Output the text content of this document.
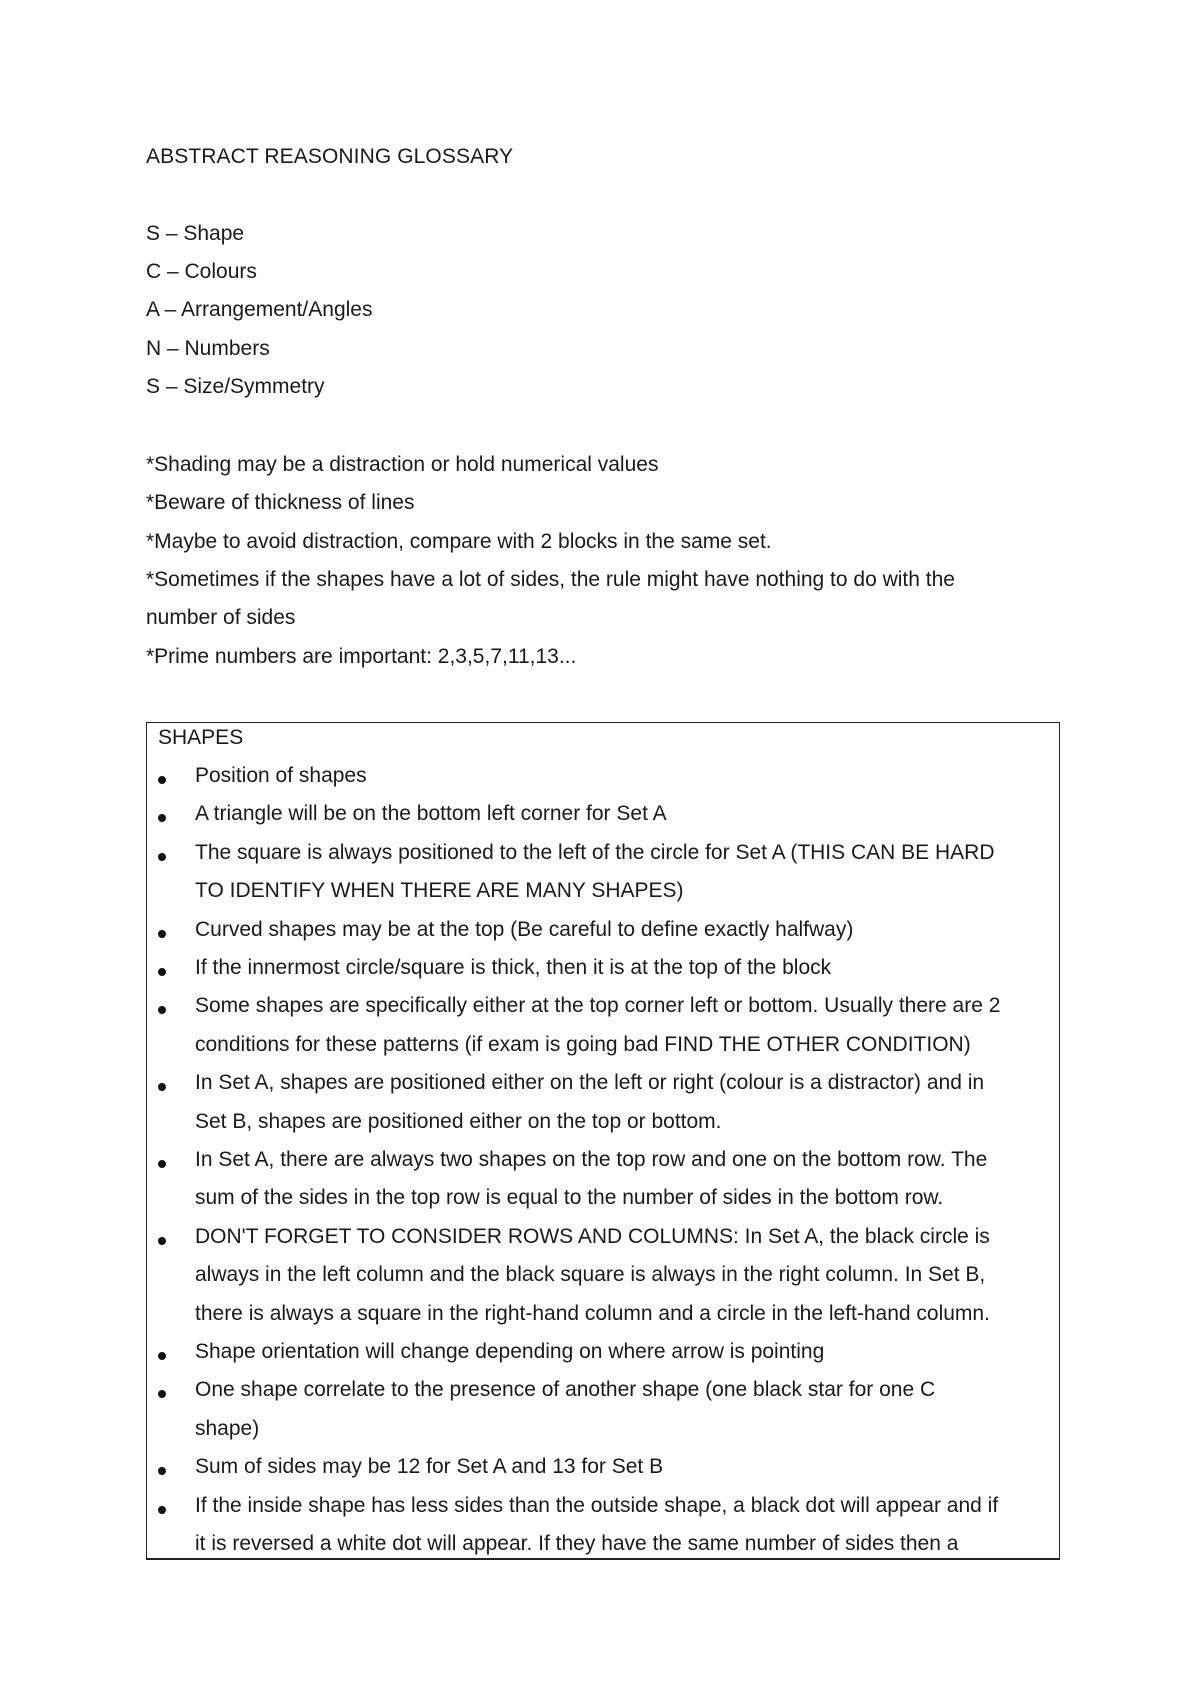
ABSTRACT REASONING GLOSSARY
S – Shape
C – Colours
A – Arrangement/Angles
N – Numbers
S – Size/Symmetry
*Shading may be a distraction or hold numerical values
*Beware of thickness of lines
*Maybe to avoid distraction, compare with 2 blocks in the same set.
*Sometimes if the shapes have a lot of sides, the rule might have nothing to do with the
number of sides
*Prime numbers are important: 2,3,5,7,11,13...
SHAPES
Position of shapes
A triangle will be on the bottom left corner for Set A
The square is always positioned to the left of the circle for Set A (THIS CAN BE HARD
TO IDENTIFY WHEN THERE ARE MANY SHAPES)
Curved shapes may be at the top (Be careful to define exactly halfway)
If the innermost circle/square is thick, then it is at the top of the block
Some shapes are specifically either at the top corner left or bottom. Usually there are 2
conditions for these patterns (if exam is going bad FIND THE OTHER CONDITION)
In Set A, shapes are positioned either on the left or right (colour is a distractor) and in
Set B, shapes are positioned either on the top or bottom.
In Set A, there are always two shapes on the top row and one on the bottom row. The
sum of the sides in the top row is equal to the number of sides in the bottom row.
DON'T FORGET TO CONSIDER ROWS AND COLUMNS: In Set A, the black circle is
always in the left column and the black square is always in the right column. In Set B,
there is always a square in the right-hand column and a circle in the left-hand column.
Shape orientation will change depending on where arrow is pointing
One shape correlate to the presence of another shape (one black star for one C
shape)
Sum of sides may be 12 for Set A and 13 for Set B
If the inside shape has less sides than the outside shape, a black dot will appear and if
it is reversed a white dot will appear. If they have the same number of sides then a
